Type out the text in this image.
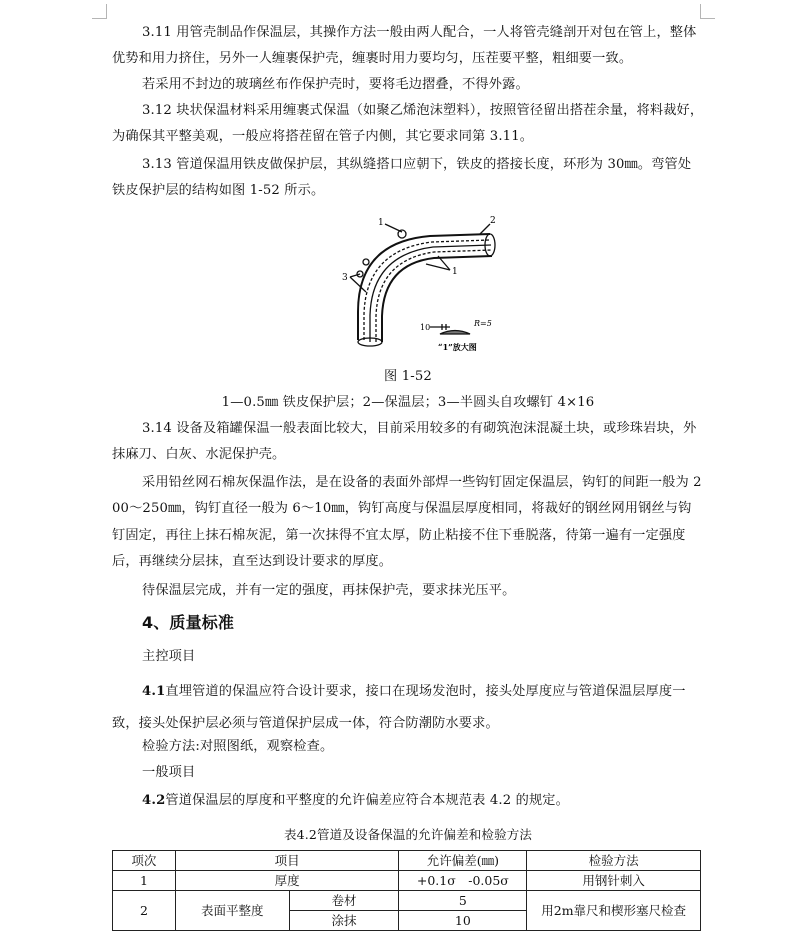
3.11 用管壳制品作保温层，其操作方法一般由两人配合，一人将管壳缝剖开对包在管上，整体优势和用力挤住，另外一人缠裹保护壳，缠裹时用力要均匀，压茬要平整，粗细要一致。
若采用不封边的玻璃丝布作保护壳时，要将毛边摺叠，不得外露。
3.12 块状保温材料采用缠裹式保温（如聚乙烯泡沫塑料），按照管径留出搭茬余量，将料裁好，为确保其平整美观，一般应将搭茬留在管子内侧，其它要求同第 3.11。
3.13 管道保温用铁皮做保护层，其纵缝搭口应朝下，铁皮的搭接长度，环形为 30㎜。弯管处铁皮保护层的结构如图 1-52 所示。
1	2
3
1
10	R=5
“1”放大图
图 1-52
1—0.5㎜ 铁皮保护层；2—保温层；3—半圆头自攻螺钉 4×16
3.14 设备及箱罐保温一般表面比较大，目前采用较多的有砌筑泡沫混凝土块，或珍珠岩块，外抹麻刀、白灰、水泥保护壳。
采用铅丝网石棉灰保温作法，是在设备的表面外部焊一些钩钉固定保温层，钩钉的间距一般为 200～250㎜，钩钉直径一般为 6～10㎜，钩钉高度与保温层厚度相同，将裁好的钢丝网用钢丝与钩钉固定，再往上抹石棉灰泥，第一次抹得不宜太厚，防止粘接不住下垂脱落，待第一遍有一定强度后，再继续分层抹，直至达到设计要求的厚度。
待保温层完成，并有一定的强度，再抹保护壳，要求抹光压平。
4、质量标准
主控项目
4.1直埋管道的保温应符合设计要求，接口在现场发泡时，接头处厚度应与管道保温层厚度一致，接头处保护层必须与管道保护层成一体，符合防潮防水要求。
检验方法:对照图纸，观察检查。
一般项目
4.2管道保温层的厚度和平整度的允许偏差应符合本规范表 4.2 的规定。
表4.2管道及设备保温的允许偏差和检验方法
项次	项目		允许偏差(㎜)	检验方法
1	厚度		+0.1σ　-0.05σ	用钢针刺入
2	表面平整度	卷材	5	用2m靠尺和楔形塞尺检查
		涂抹	10	
